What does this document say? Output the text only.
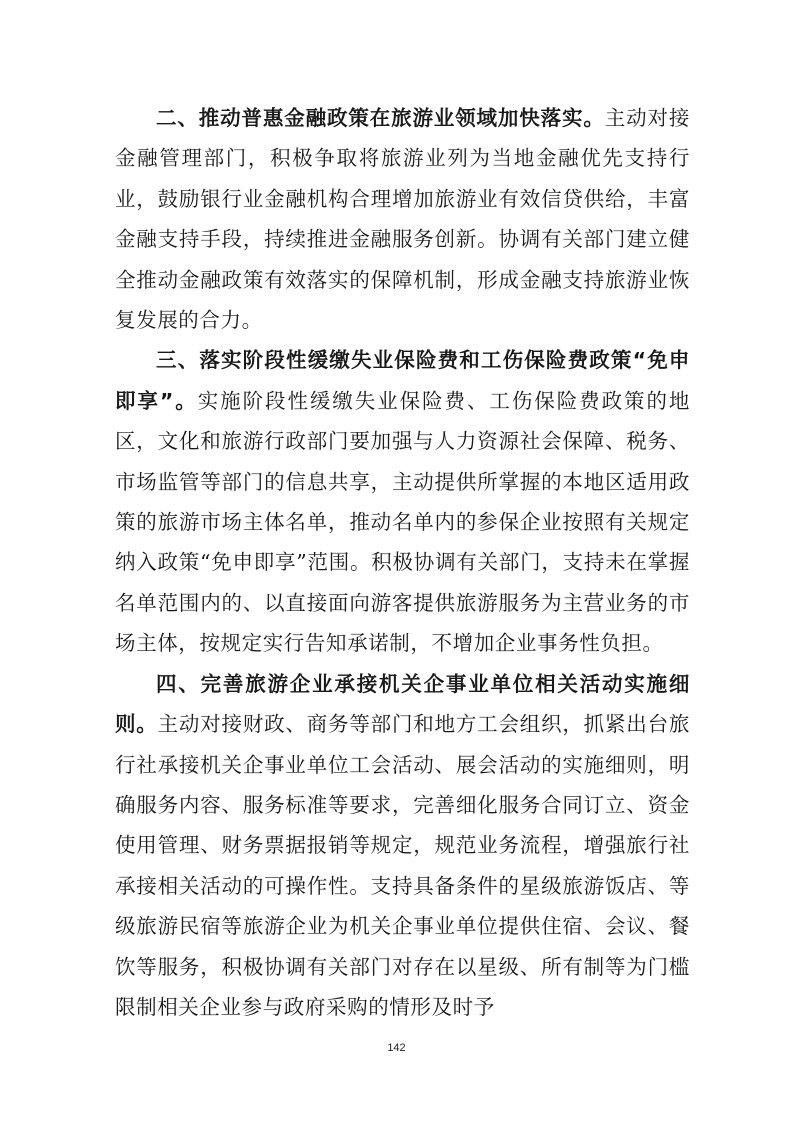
二、推动普惠金融政策在旅游业领域加快落实。主动对接金融管理部门，积极争取将旅游业列为当地金融优先支持行业，鼓励银行业金融机构合理增加旅游业有效信贷供给，丰富金融支持手段，持续推进金融服务创新。协调有关部门建立健全推动金融政策有效落实的保障机制，形成金融支持旅游业恢复发展的合力。

三、落实阶段性缓缴失业保险费和工伤保险费政策“免申即享”。实施阶段性缓缴失业保险费、工伤保险费政策的地区，文化和旅游行政部门要加强与人力资源社会保障、税务、市场监管等部门的信息共享，主动提供所掌握的本地区适用政策的旅游市场主体名单，推动名单内的参保企业按照有关规定纳入政策“免申即享”范围。积极协调有关部门，支持未在掌握名单范围内的、以直接面向游客提供旅游服务为主营业务的市场主体，按规定实行告知承诺制，不增加企业事务性负担。

四、完善旅游企业承接机关企事业单位相关活动实施细则。主动对接财政、商务等部门和地方工会组织，抓紧出台旅行社承接机关企事业单位工会活动、展会活动的实施细则，明确服务内容、服务标准等要求，完善细化服务合同订立、资金使用管理、财务票据报销等规定，规范业务流程，增强旅行社承接相关活动的可操作性。支持具备条件的星级旅游饭店、等级旅游民宿等旅游企业为机关企事业单位提供住宿、会议、餐饮等服务，积极协调有关部门对存在以星级、所有制等为门槛限制相关企业参与政府采购的情形及时予

142
